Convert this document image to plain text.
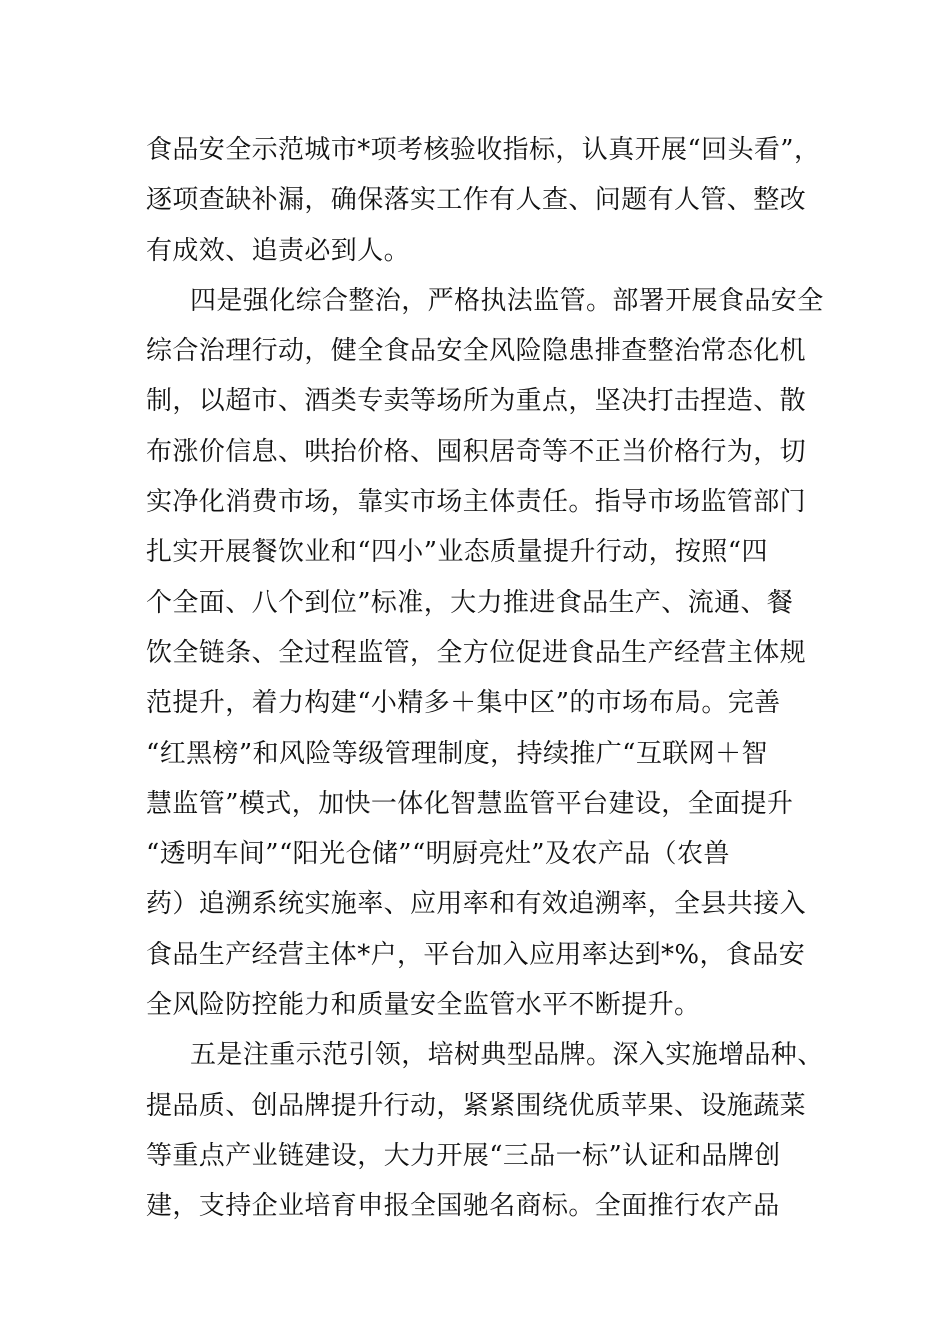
食品安全示范城市*项考核验收指标，认真开展“回头看”，
逐项查缺补漏，确保落实工作有人查、问题有人管、整改
有成效、追责必到人。
四是强化综合整治，严格执法监管。部署开展食品安全
综合治理行动，健全食品安全风险隐患排查整治常态化机
制，以超市、酒类专卖等场所为重点，坚决打击捏造、散
布涨价信息、哄抬价格、囤积居奇等不正当价格行为，切
实净化消费市场，靠实市场主体责任。指导市场监管部门
扎实开展餐饮业和“四小”业态质量提升行动，按照“四
个全面、八个到位”标准，大力推进食品生产、流通、餐
饮全链条、全过程监管，全方位促进食品生产经营主体规
范提升，着力构建“小精多＋集中区”的市场布局。完善
“红黑榜”和风险等级管理制度，持续推广“互联网＋智
慧监管”模式，加快一体化智慧监管平台建设，全面提升
“透明车间”“阳光仓储”“明厨亮灶”及农产品（农兽
药）追溯系统实施率、应用率和有效追溯率，全县共接入
食品生产经营主体*户，平台加入应用率达到*%，食品安
全风险防控能力和质量安全监管水平不断提升。
五是注重示范引领，培树典型品牌。深入实施增品种、
提品质、创品牌提升行动，紧紧围绕优质苹果、设施蔬菜
等重点产业链建设，大力开展“三品一标”认证和品牌创
建，支持企业培育申报全国驰名商标。全面推行农产品
